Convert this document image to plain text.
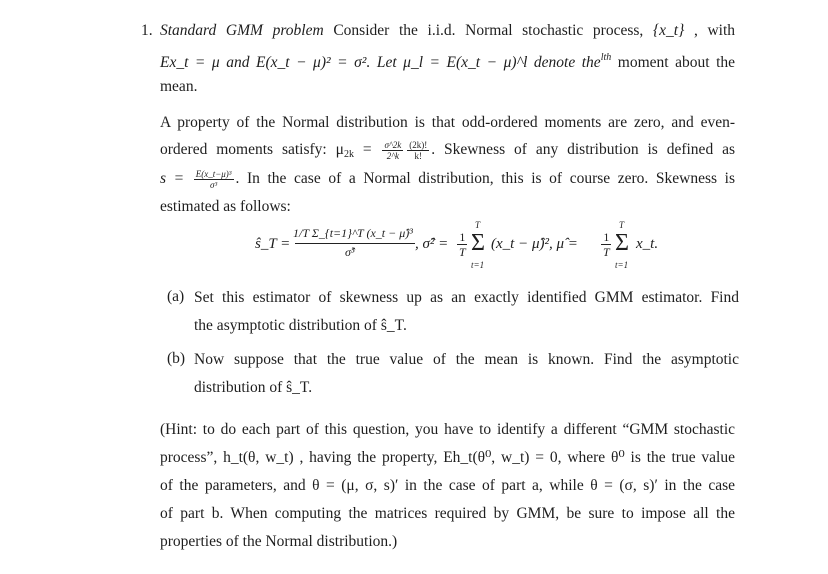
1. Standard GMM problem Consider the i.i.d. Normal stochastic process, {x_t} , with
Ex_t = μ and E(x_t − μ)² = σ². Let μ_l = E(x_t − μ)^l denote the$^{lth}$ moment about the
mean.
A property of the Normal distribution is that odd-ordered moments are zero, and even-
ordered moments satisfy: $\mu_{2k} = \frac{\sigma\^{}2k}{2\^{}k} \frac{(2k)!}{k!}$ . Skewness of any distribution is defined as
$s = \frac{\text{E(x\_t−μ)³}}{\text{σ³}}$ . In the case of a Normal distribution, this is of course zero. Skewness is
estimated as follows:
ŝ_T =
1/T Σ_{t=1}^T (x_t − μ̂)³
σ̂³	, σ̂² = $\frac{1}{T}$ Σ
T
t=1
(x_t − μ̂)², μ̂ = $\frac{1}{T}$ Σ
T
t=1
x_t.
(a) Set this estimator of skewness up as an exactly identified GMM estimator. Find
the asymptotic distribution of ŝ_T.
(b) Now suppose that the true value of the mean is known. Find the asymptotic
distribution of ŝ_T.
(Hint: to do each part of this question, you have to identify a different “GMM stochastic
process”, h_t(θ, w_t) , having the property, Eh_t(θ⁰, w_t) = 0, where θ⁰ is the true value
of the parameters, and θ = (μ, σ, s)′ in the case of part a, while θ = (σ, s)′ in the case
of part b. When computing the matrices required by GMM, be sure to impose all the
properties of the Normal distribution.)
